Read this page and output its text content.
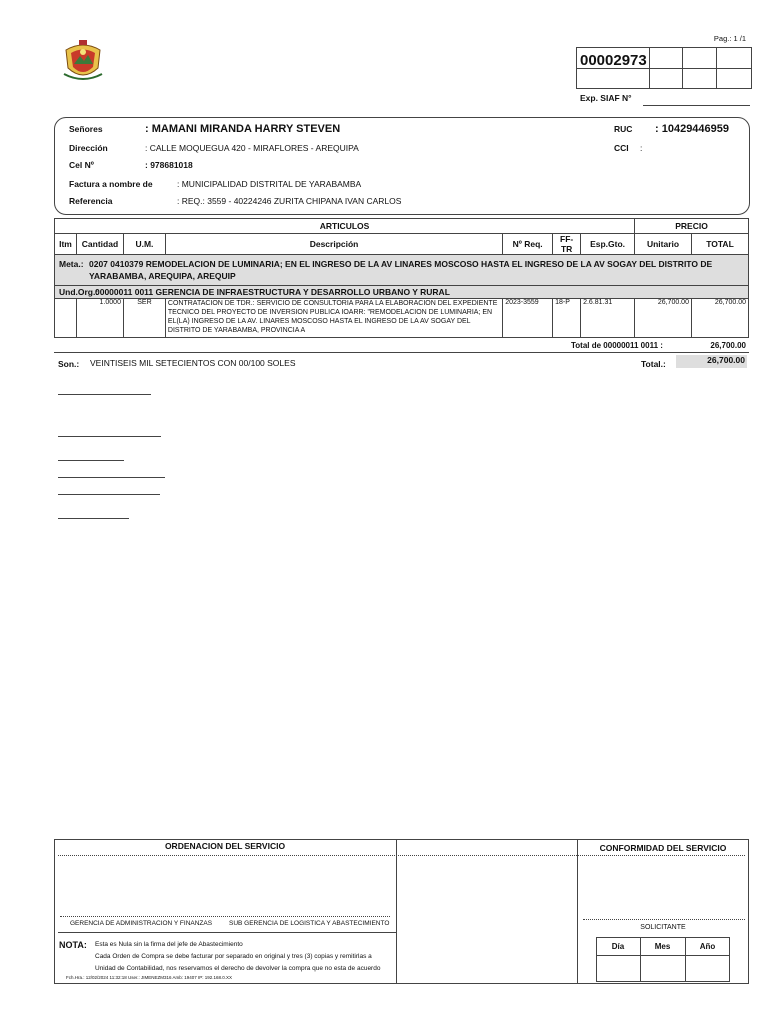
Pag.: 1 /1
00002973
Exp. SIAF N°
Señores	: MAMANI MIRANDA HARRY STEVEN	RUC : 10429446959
Dirección	: CALLE MOQUEGUA 420 - MIRAFLORES - AREQUIPA	CCI :
Cel Nº	: 978681018
Factura a nombre de	: MUNICIPALIDAD DISTRITAL DE YARABAMBA
Referencia	: REQ.: 3559 - 40224246 ZURITA CHIPANA IVAN CARLOS
ARTICULOS							PRECIO	
Itm	Cantidad	U.M.	Descripción	Nº Req.	FF-TR	Esp.Gto.	Unitario	TOTAL
Meta.: 0207 0410379 REMODELACION DE LUMINARIA; EN EL INGRESO DE LA AV LINARES MOSCOSO HASTA EL INGRESO DE LA AV SOGAY DEL DISTRITO DE YARABAMBA, AREQUIPA, AREQUIP								
Und.Org.:00000011 0011 GERENCIA DE INFRAESTRUCTURA Y DESARROLLO URBANO Y RURAL								
	1.0000	SER	CONTRATACION DE TDR.: SERVICIO DE CONSULTORIA PARA LA ELABORACION DEL EXPEDIENTE TECNICO DEL PROYECTO DE INVERSION PUBLICA IOARR: "REMODELACION DE LUMINARIA; EN EL(LA) INGRESO DE LA AV. LINARES MOSCOSO HASTA EL INGRESO DE LA AV SOGAY DEL DISTRITO DE YARABAMBA, PROVINCIA A	2023-3559	18-P	2.6.81.31	26,700.00	26,700.00
Total de 00000011 0011 :	26,700.00
Son.: VEINTISEIS MIL SETECIENTOS CON 00/100 SOLES	Total.:	26,700.00
ORDENACION DEL SERVICIO	CONFORMIDAD DEL SERVICIO
GERENCIA DE ADMINISTRACION Y FINANZAS	SUB GERENCIA DE LOGISTICA Y ABASTECIMIENTO
SOLICITANTE
NOTA: Esta es Nula sin la firma del jefe de Abastecimiento
Cada Orden de Compra se debe facturar por separado en original y tres (3) copias y remitirlas a
Unidad de Contabilidad, nos reservamos el derecho de devolver la compra que no esta de acuerdo
Fch.Hra.: 12/02/2024 11:32:18 User.: JIMENEZM316 Amb: 19407 IP: 192.168.0.XX
Día	Mes	Año
